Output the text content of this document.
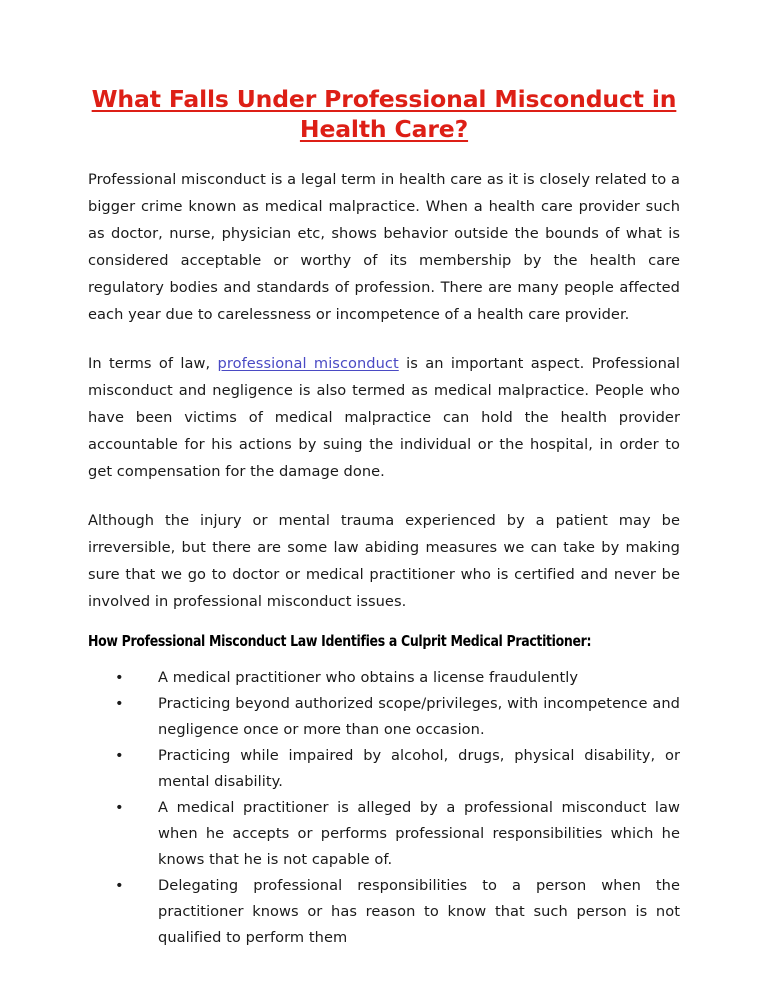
What Falls Under Professional Misconduct in
Health Care?

Professional misconduct is a legal term in health care as it is closely related to a bigger crime known as medical malpractice. When a health care provider such as doctor, nurse, physician etc, shows behavior outside the bounds of what is considered acceptable or worthy of its membership by the health care regulatory bodies and standards of profession. There are many people affected each year due to carelessness or incompetence of a health care provider.

In terms of law, professional misconduct is an important aspect. Professional misconduct and negligence is also termed as medical malpractice. People who have been victims of medical malpractice can hold the health provider accountable for his actions by suing the individual or the hospital, in order to get compensation for the damage done.

Although the injury or mental trauma experienced by a patient may be irreversible, but there are some law abiding measures we can take by making sure that we go to doctor or medical practitioner who is certified and never be involved in professional misconduct issues.

How Professional Misconduct Law Identifies a Culprit Medical Practitioner:
• A medical practitioner who obtains a license fraudulently
• Practicing beyond authorized scope/privileges, with incompetence and negligence once or more than one occasion.
• Practicing while impaired by alcohol, drugs, physical disability, or mental disability.
• A medical practitioner is alleged by a professional misconduct law when he accepts or performs professional responsibilities which he knows that he is not capable of.
• Delegating professional responsibilities to a person when the practitioner knows or has reason to know that such person is not qualified to perform them
